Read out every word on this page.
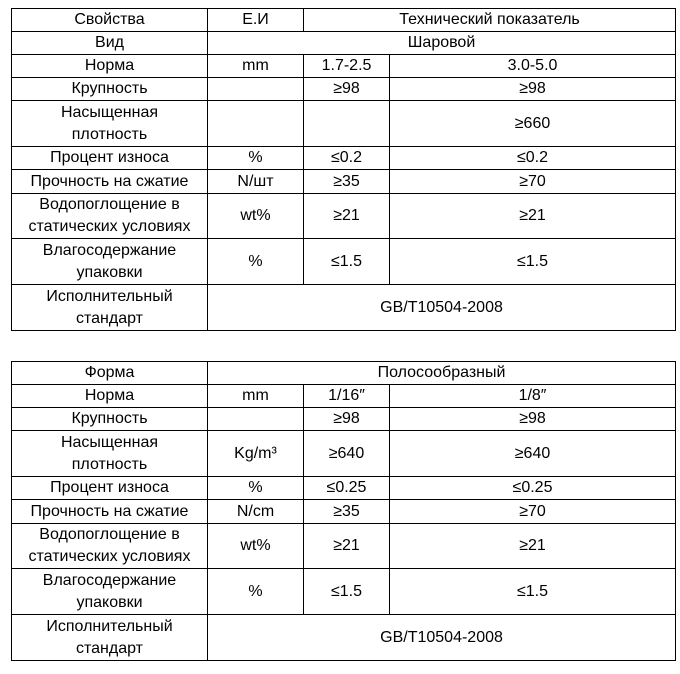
Свойства	Е.И	Технический показатель	
Вид	Шаровой		
Норма	mm	1.7-2.5	3.0-5.0
Крупность		≥98	≥98

Насыщенная
плотность			≥660
Процент износа	%	≤0.2	≤0.2
Прочность на сжатие	N/шт	≥35	≥70

Водопоглощение в
статических условиях	wt%	≥21	≥21

Влагосодержание
упаковки	%	≤1.5	≤1.5

Исполнительный
стандарт	GB/T10504-2008		
Форма	Полосообразный		
Норма	mm	1/16″	1/8″
Крупность		≥98	≥98

Насыщенная
плотность	Kg/m³	≥640	≥640
Процент износа	%	≤0.25	≤0.25
Прочность на сжатие	N/cm	≥35	≥70

Водопоглощение в
статических условиях	wt%	≥21	≥21

Влагосодержание
упаковки	%	≤1.5	≤1.5

Исполнительный
стандарт	GB/T10504-2008		
